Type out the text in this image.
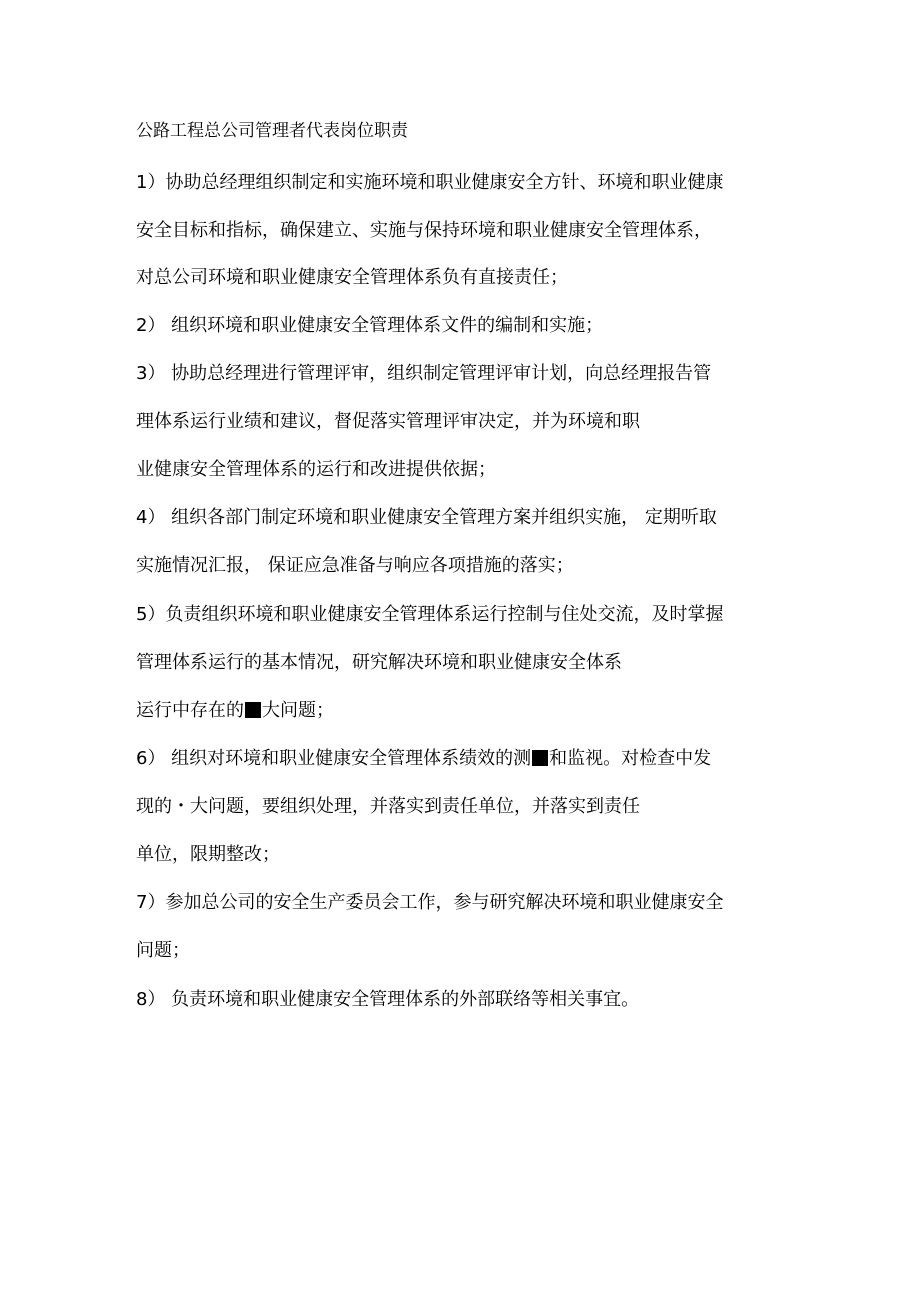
公路工程总公司管理者代表岗位职责

1）协助总经理组织制定和实施环境和职业健康安全方针、环境和职业健康

安全目标和指标，确保建立、实施与保持环境和职业健康安全管理体系，

对总公司环境和职业健康安全管理体系负有直接责任；

2） 组织环境和职业健康安全管理体系文件的编制和实施；

3） 协助总经理进行管理评审，组织制定管理评审计划，向总经理报告管

理体系运行业绩和建议，督促落实管理评审决定，并为环境和职

业健康安全管理体系的运行和改进提供依据；

4） 组织各部门制定环境和职业健康安全管理方案并组织实施， 定期听取

实施情况汇报， 保证应急准备与响应各项措施的落实；

5）负责组织环境和职业健康安全管理体系运行控制与住处交流，及时掌握

管理体系运行的基本情况，研究解决环境和职业健康安全体系

运行中存在的 大问题；

6） 组织对环境和职业健康安全管理体系绩效的测 和监视。对检查中发

现的・大问题，要组织处理，并落实到责任单位，并落实到责任

单位，限期整改；

7）参加总公司的安全生产委员会工作，参与研究解决环境和职业健康安全

问题；

8） 负责环境和职业健康安全管理体系的外部联络等相关事宜。
